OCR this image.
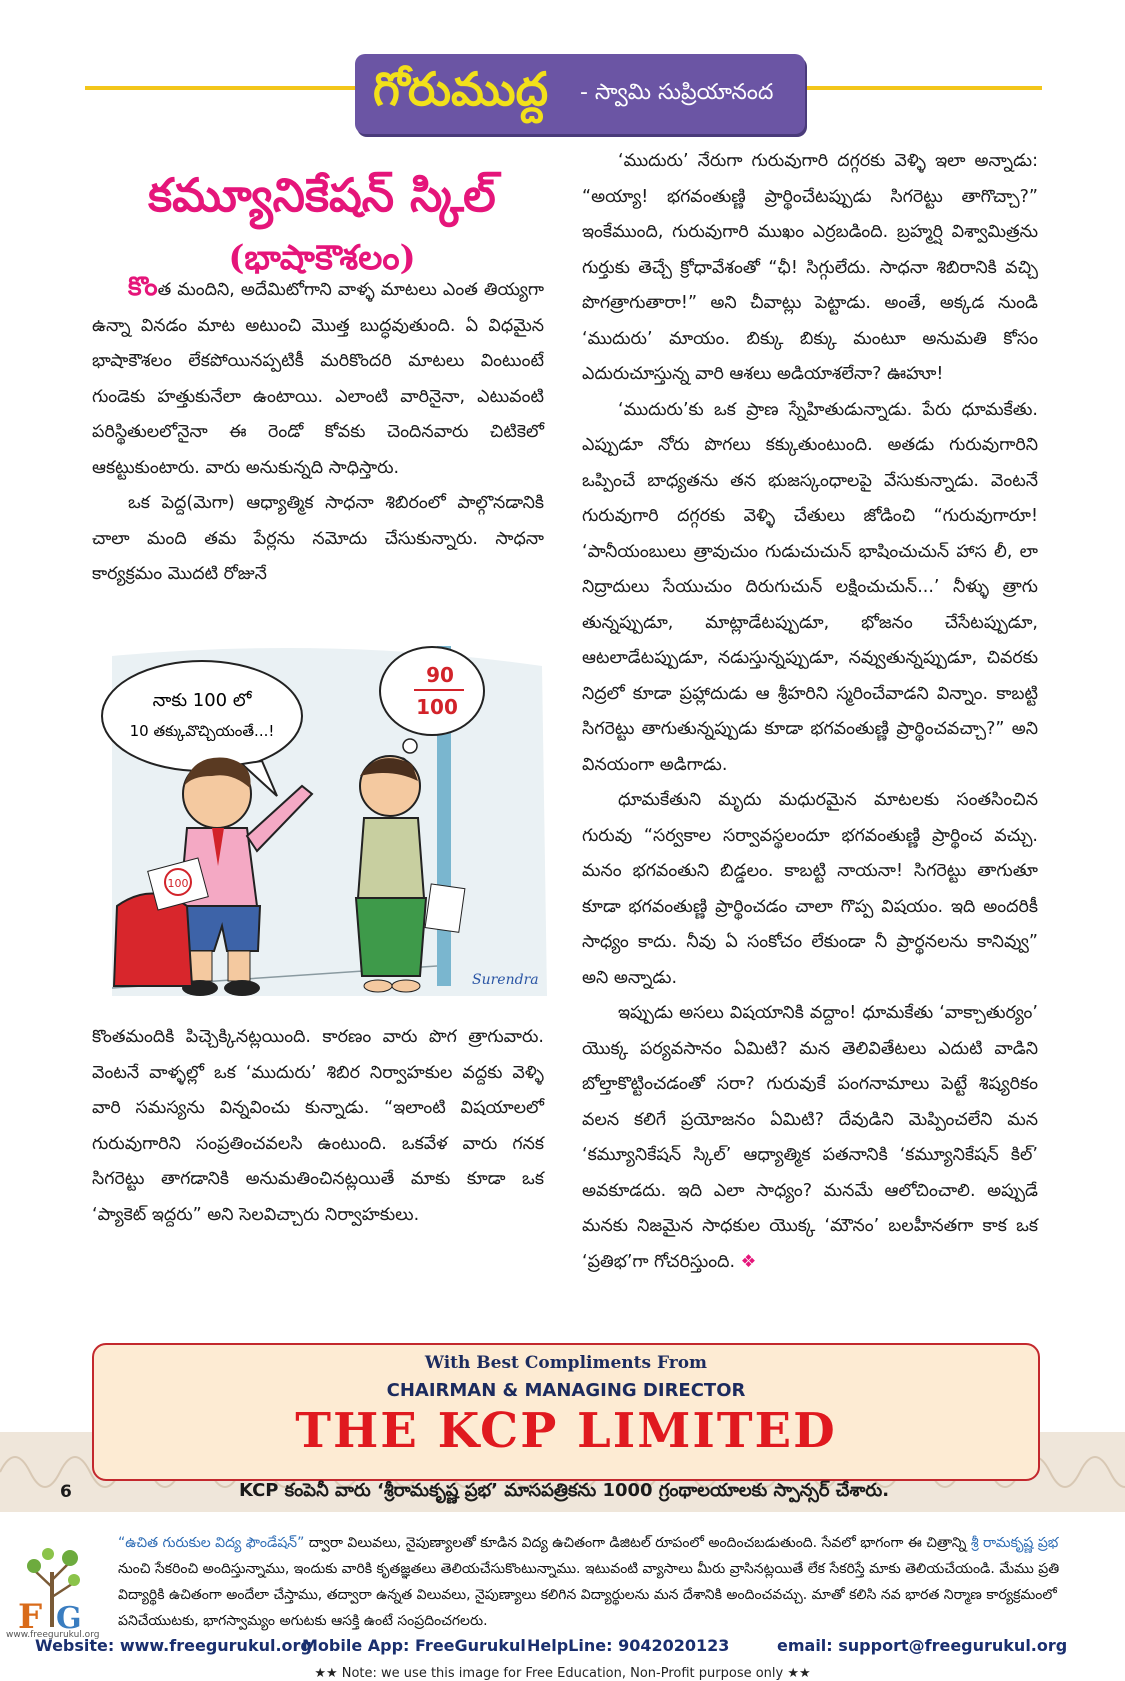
గోరుముద్ద - స్వామి సుప్రియానంద
కమ్యూనికేషన్ స్కిల్
(భాషాకౌశలం)

కొంత మందిని, అదేమిటోగాని వాళ్ళ మాటలు ఎంత తియ్యగా ఉన్నా వినడం మాట అటుంచి మొత్త బుద్ధవుతుంది. ఏ విధమైన భాషాకౌశలం లేకపోయినప్పటికీ మరికొందరి మాటలు వింటుంటే గుండెకు హత్తుకునేలా ఉంటాయి. ఎలాంటి వారినైనా, ఎటువంటి పరిస్థితులలోనైనా ఈ రెండో కోవకు చెందినవారు చిటికెలో ఆకట్టుకుంటారు. వారు అనుకున్నది సాధిస్తారు.

ఒక పెద్ద(మెగా) ఆధ్యాత్మిక సాధనా శిబిరంలో పాల్గొనడానికి చాలా మంది తమ పేర్లను నమోదు చేసుకున్నారు. సాధనా కార్యక్రమం మొదటి రోజునే

నాకు 100 లో
10 తక్కువొచ్చియంతే...!
90
100
100
Surendra

కొంతమందికి పిచ్చెక్కినట్లయింది. కారణం వారు పొగ త్రాగువారు. వెంటనే వాళ్ళల్లో ఒక ‘ముదురు’ శిబిర నిర్వాహకుల వద్దకు వెళ్ళి వారి సమస్యను విన్నవించు కున్నాడు. “ఇలాంటి విషయాలలో గురువుగారిని సంప్రతించవలసి ఉంటుంది. ఒకవేళ వారు గనక సిగరెట్టు తాగడానికి అనుమతించినట్లయితే మాకు కూడా ఒక ‘ప్యాకెట్ ఇద్దరు” అని సెలవిచ్చారు నిర్వాహకులు.

‘ముదురు’ నేరుగా గురువుగారి దగ్గరకు వెళ్ళి ఇలా అన్నాడు: “అయ్యా! భగవంతుణ్ణి ప్రార్థించేటప్పుడు సిగరెట్టు తాగొచ్చా?” ఇంకేముంది, గురువుగారి ముఖం ఎర్రబడింది. బ్రహ్మర్షి విశ్వామిత్రను గుర్తుకు తెచ్చే క్రోధావేశంతో “ఛీ! సిగ్గులేదు. సాధనా శిబిరానికి వచ్చి పొగత్రాగుతారా!” అని చీవాట్లు పెట్టాడు. అంతే, అక్కడ నుండి ‘ముదురు’ మాయం. బిక్కు బిక్కు మంటూ అనుమతి కోసం ఎదురుచూస్తున్న వారి ఆశలు అడియాశలేనా? ఊహూ!

‘ముదురు’కు ఒక ప్రాణ స్నేహితుడున్నాడు. పేరు ధూమకేతు. ఎప్పుడూ నోరు పొగలు కక్కుతుంటుంది. అతడు గురువుగారిని ఒప్పించే బాధ్యతను తన భుజస్కంధాలపై వేసుకున్నాడు. వెంటనే గురువుగారి దగ్గరకు వెళ్ళి చేతులు జోడించి “గురువుగారూ! ‘పానీయంబులు త్రావుచుం గుడుచుచున్ భాషించుచున్ హాస లీ, లా నిద్రాదులు సేయుచుం దిరుగుచున్ లక్షించుచున్...’ నీళ్ళు త్రాగు తున్నప్పుడూ, మాట్లాడేటప్పుడూ, భోజనం చేసేటప్పుడూ, ఆటలాడేటప్పుడూ, నడుస్తున్నప్పుడూ, నవ్వుతున్నప్పుడూ, చివరకు నిద్రలో కూడా ప్రహ్లాదుడు ఆ శ్రీహరిని స్మరించేవాడని విన్నాం. కాబట్టి సిగరెట్టు తాగుతున్నప్పుడు కూడా భగవంతుణ్ణి ప్రార్థించవచ్చా?” అని వినయంగా అడిగాడు.

ధూమకేతుని మృదు మధురమైన మాటలకు సంతసించిన గురువు “సర్వకాల సర్వావస్థలందూ భగవంతుణ్ణి ప్రార్థించ వచ్చు. మనం భగవంతుని బిడ్డలం. కాబట్టి నాయనా! సిగరెట్టు తాగుతూ కూడా భగవంతుణ్ణి ప్రార్థించడం చాలా గొప్ప విషయం. ఇది అందరికీ సాధ్యం కాదు. నీవు ఏ సంకోచం లేకుండా నీ ప్రార్థనలను కానివ్వు” అని అన్నాడు.

ఇప్పుడు అసలు విషయానికి వద్దాం! ధూమకేతు ‘వాక్చాతుర్యం’ యొక్క పర్యవసానం ఏమిటి? మన తెలివితేటలు ఎదుటి వాడిని బోల్తాకొట్టించడంతో సరా? గురువుకే పంగనామాలు పెట్టే శిష్యరికం వలన కలిగే ప్రయోజనం ఏమిటి? దేవుడిని మెప్పించలేని మన ‘కమ్యూనికేషన్ స్కిల్’ ఆధ్యాత్మిక పతనానికి ‘కమ్యూనికేషన్ కిల్’ అవకూడదు. ఇది ఎలా సాధ్యం? మనమే ఆలోచించాలి. అప్పుడే మనకు నిజమైన సాధకుల యొక్క ‘మౌనం’ బలహీనతగా కాక ఒక ‘ప్రతిభ’గా గోచరిస్తుంది. ❖

With Best Compliments From
CHAIRMAN & MANAGING DIRECTOR
THE KCP LIMITED
6	KCP కంపెనీ వారు ‘శ్రీరామకృష్ణ ప్రభ’ మాసపత్రికను 1000 గ్రంథాలయాలకు స్పాన్సర్ చేశారు.
F G
www.freegurukul.org
“ఉచిత గురుకుల విద్య ఫౌండేషన్” ద్వారా విలువలు, నైపుణ్యాలతో కూడిన విద్య ఉచితంగా డిజిటల్ రూపంలో అందించబడుతుంది. సేవలో భాగంగా ఈ చిత్రాన్ని శ్రీ రామకృష్ణ ప్రభ నుంచి సేకరించి అందిస్తున్నాము, ఇందుకు వారికి కృతజ్ఞతలు తెలియచేసుకొంటున్నాము. ఇటువంటి వ్యాసాలు మీరు వ్రాసినట్లయితే లేక సేకరిస్తే మాకు తెలియచేయండి. మేము ప్రతి విద్యార్థికి ఉచితంగా అందేలా చేస్తాము, తద్వారా ఉన్నత విలువలు, నైపుణ్యాలు కలిగిన విద్యార్థులను మన దేశానికి అందించవచ్చు. మాతో కలిసి నవ భారత నిర్మాణ కార్యక్రమంలో పనిచేయుటకు, భాగస్వామ్యం అగుటకు ఆసక్తి ఉంటే సంప్రదించగలరు.
Website: www.freegurukul.org
Mobile App: FreeGurukul HelpLine: 9042020123	email: support@freegurukul.org
★★ Note: we use this image for Free Education, Non-Profit purpose only ★★
